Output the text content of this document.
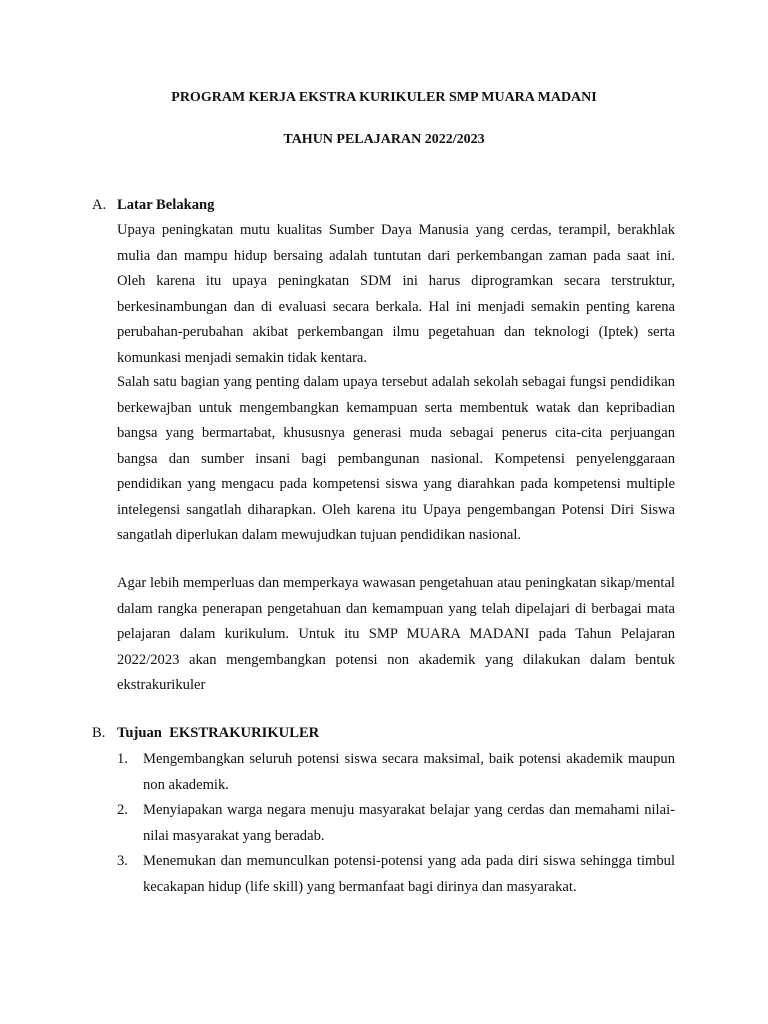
PROGRAM KERJA EKSTRA KURIKULER SMP MUARA MADANI
TAHUN PELAJARAN 2022/2023
A. Latar Belakang

Upaya peningkatan mutu kualitas Sumber Daya Manusia yang cerdas, terampil, berakhlak mulia dan mampu hidup bersaing adalah tuntutan dari perkembangan zaman pada saat ini. Oleh karena itu upaya peningkatan SDM ini harus diprogramkan secara terstruktur, berkesinambungan dan di evaluasi secara berkala. Hal ini menjadi semakin penting karena perubahan-perubahan akibat perkembangan ilmu pegetahuan dan teknologi (Iptek) serta komunkasi menjadi semakin tidak kentara.

Salah satu bagian yang penting dalam upaya tersebut adalah sekolah sebagai fungsi pendidikan berkewajban untuk mengembangkan kemampuan serta membentuk watak dan kepribadian bangsa yang bermartabat, khususnya generasi muda sebagai penerus cita-cita perjuangan bangsa dan sumber insani bagi pembangunan nasional. Kompetensi penyelenggaraan pendidikan yang mengacu pada kompetensi siswa yang diarahkan pada kompetensi multiple intelegensi sangatlah diharapkan. Oleh karena itu Upaya pengembangan Potensi Diri Siswa sangatlah diperlukan dalam mewujudkan tujuan pendidikan nasional.

Agar lebih memperluas dan memperkaya wawasan pengetahuan atau peningkatan sikap/mental dalam rangka penerapan pengetahuan dan kemampuan yang telah dipelajari di berbagai mata pelajaran dalam kurikulum. Untuk itu SMP MUARA MADANI pada Tahun Pelajaran 2022/2023 akan mengembangkan potensi non akademik yang dilakukan dalam bentuk ekstrakurikuler

B. Tujuan  EKSTRAKURIKULER
1. Mengembangkan seluruh potensi siswa secara maksimal, baik potensi akademik maupun non akademik.
2. Menyiapakan warga negara menuju masyarakat belajar yang cerdas dan memahami nilai-nilai masyarakat yang beradab.
3. Menemukan dan memunculkan potensi-potensi yang ada pada diri siswa sehingga timbul kecakapan hidup (life skill) yang bermanfaat bagi dirinya dan masyarakat.
